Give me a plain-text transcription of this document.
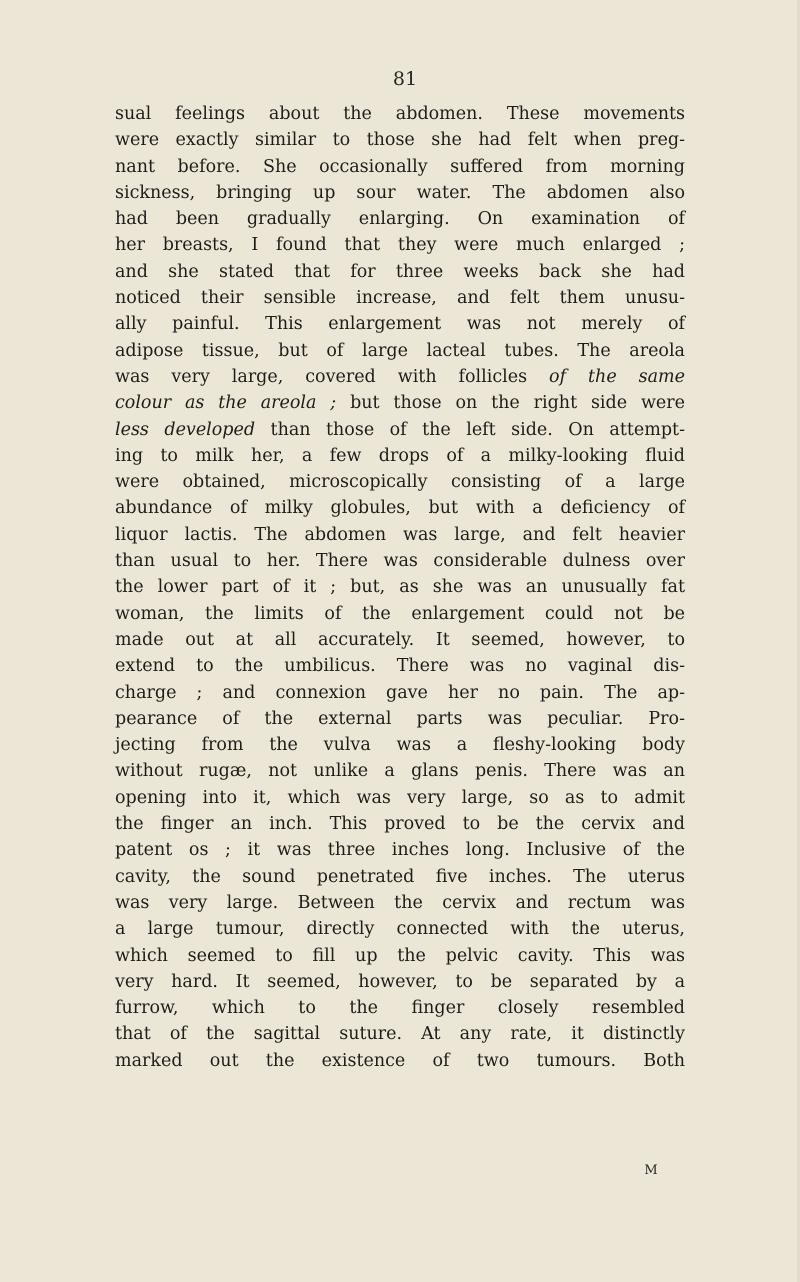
81
sual feelings about the abdomen. These movements
were exactly similar to those she had felt when preg-
nant before. She occasionally suffered from morning
sickness, bringing up sour water. The abdomen also
had been gradually enlarging. On examination of
her breasts, I found that they were much enlarged ;
and she stated that for three weeks back she had
noticed their sensible increase, and felt them unusu-
ally painful. This enlargement was not merely of
adipose tissue, but of large lacteal tubes. The areola
was very large, covered with follicles of the same
colour as the areola ; but those on the right side were
less developed than those of the left side. On attempt-
ing to milk her, a few drops of a milky-looking fluid
were obtained, microscopically consisting of a large
abundance of milky globules, but with a deficiency of
liquor lactis. The abdomen was large, and felt heavier
than usual to her. There was considerable dulness over
the lower part of it ; but, as she was an unusually fat
woman, the limits of the enlargement could not be
made out at all accurately. It seemed, however, to
extend to the umbilicus. There was no vaginal dis-
charge ; and connexion gave her no pain. The ap-
pearance of the external parts was peculiar. Pro-
jecting from the vulva was a fleshy-looking body
without rugæ, not unlike a glans penis. There was an
opening into it, which was very large, so as to admit
the finger an inch. This proved to be the cervix and
patent os ; it was three inches long. Inclusive of the
cavity, the sound penetrated five inches. The uterus
was very large. Between the cervix and rectum was
a large tumour, directly connected with the uterus,
which seemed to fill up the pelvic cavity. This was
very hard. It seemed, however, to be separated by a
furrow, which to the finger closely resembled
that of the sagittal suture. At any rate, it distinctly
marked out the existence of two tumours. Both
M
